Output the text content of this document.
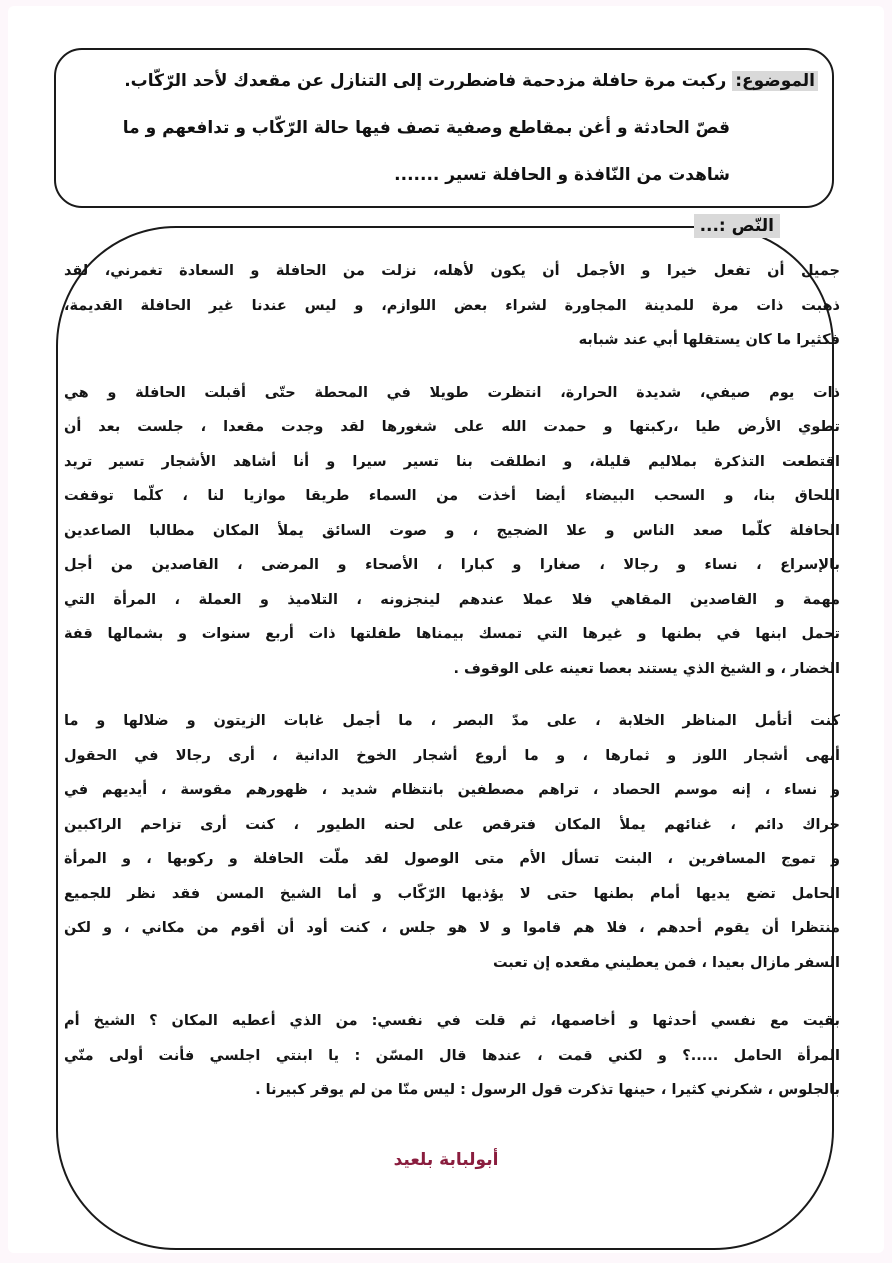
الموضوع: ركبت مرة حافلة مزدحمة فاضطررت إلى التنازل عن مقعدك لأحد الرّكّاب.

قصّ الحادثة و أغن بمقاطع وصفية تصف فيها حالة الرّكّاب و تدافعهم و ما

شاهدت من النّافذة و الحافلة تسير .......

النّص :...
جميل أن تفعل خيرا و الأجمل أن يكون لأهله، نزلت من الحافلة و السعادة تغمرني، لقد
ذهبت ذات مرة للمدينة المجاورة لشراء بعض اللوازم، و ليس عندنا غير الحافلة القديمة،
فكثيرا ما كان يستقلها أبي عند شبابه
ذات يوم صيفي، شديدة الحرارة، انتظرت طويلا في المحطة حتّى أقبلت الحافلة و هي
تطوي الأرض طيا ،ركبتها و حمدت الله على شغورها لقد وجدت مقعدا ، جلست بعد أن
اقتطعت التذكرة بملاليم قليلة، و انطلقت بنا تسير سيرا و أنا أشاهد الأشجار تسير تريد
اللحاق بنا، و السحب البيضاء أيضا أخذت من السماء طريقا موازيا لنا ، كلّما توقفت
الحافلة كلّما صعد الناس و علا الضجيج ، و صوت السائق يملأ المكان مطالبا الصاعدين
بالإسراع ، نساء و رجالا ، صغارا و كبارا ، الأصحاء و المرضى ، القاصدين من أجل
مهمة و القاصدين المقاهي فلا عملا عندهم لينجزونه ، التلاميذ و العملة ، المرأة التي
تحمل ابنها في بطنها و غيرها التي تمسك بيمناها طفلتها ذات أربع سنوات و بشمالها قفة
الخضار ، و الشيخ الذي يستند بعصا تعينه على الوقوف .
كنت أتأمل المناظر الخلابة ، على مدّ البصر ، ما أجمل غابات الزيتون و ضلالها و ما
أبهى أشجار اللوز و ثمارها ، و ما أروع أشجار الخوخ الدانية ، أرى رجالا في الحقول
و نساء ، إنه موسم الحصاد ، تراهم مصطفين بانتظام شديد ، ظهورهم مقوسة ، أيديهم في
حراك دائم ، غنائهم يملأ المكان فترقص على لحنه الطيور ، كنت أرى تزاحم الراكبين
و تموج المسافرين ، البنت تسأل الأم متى الوصول لقد ملّت الحافلة و ركوبها ، و المرأة
الحامل تضع يديها أمام بطنها حتى لا يؤذيها الرّكّاب و أما الشيخ المسن فقد نظر للجميع
منتظرا أن يقوم أحدهم ، فلا هم قاموا و لا هو جلس ، كنت أود أن أقوم من مكاني ، و لكن
السفر مازال بعيدا ، فمن يعطيني مقعده إن تعبت
بقيت مع نفسي أحدثها و أخاصمها، ثم قلت في نفسي: من الذي أعطيه المكان ؟ الشيخ أم
المرأة الحامل .....؟ و لكني قمت ، عندها قال المسّن : يا ابنتي اجلسي فأنت أولى منّي
بالجلوس ، شكرني كثيرا ، حينها تذكرت قول الرسول : ليس منّا من لم يوقر كبيرنا .
أبولبابة بلعيد
